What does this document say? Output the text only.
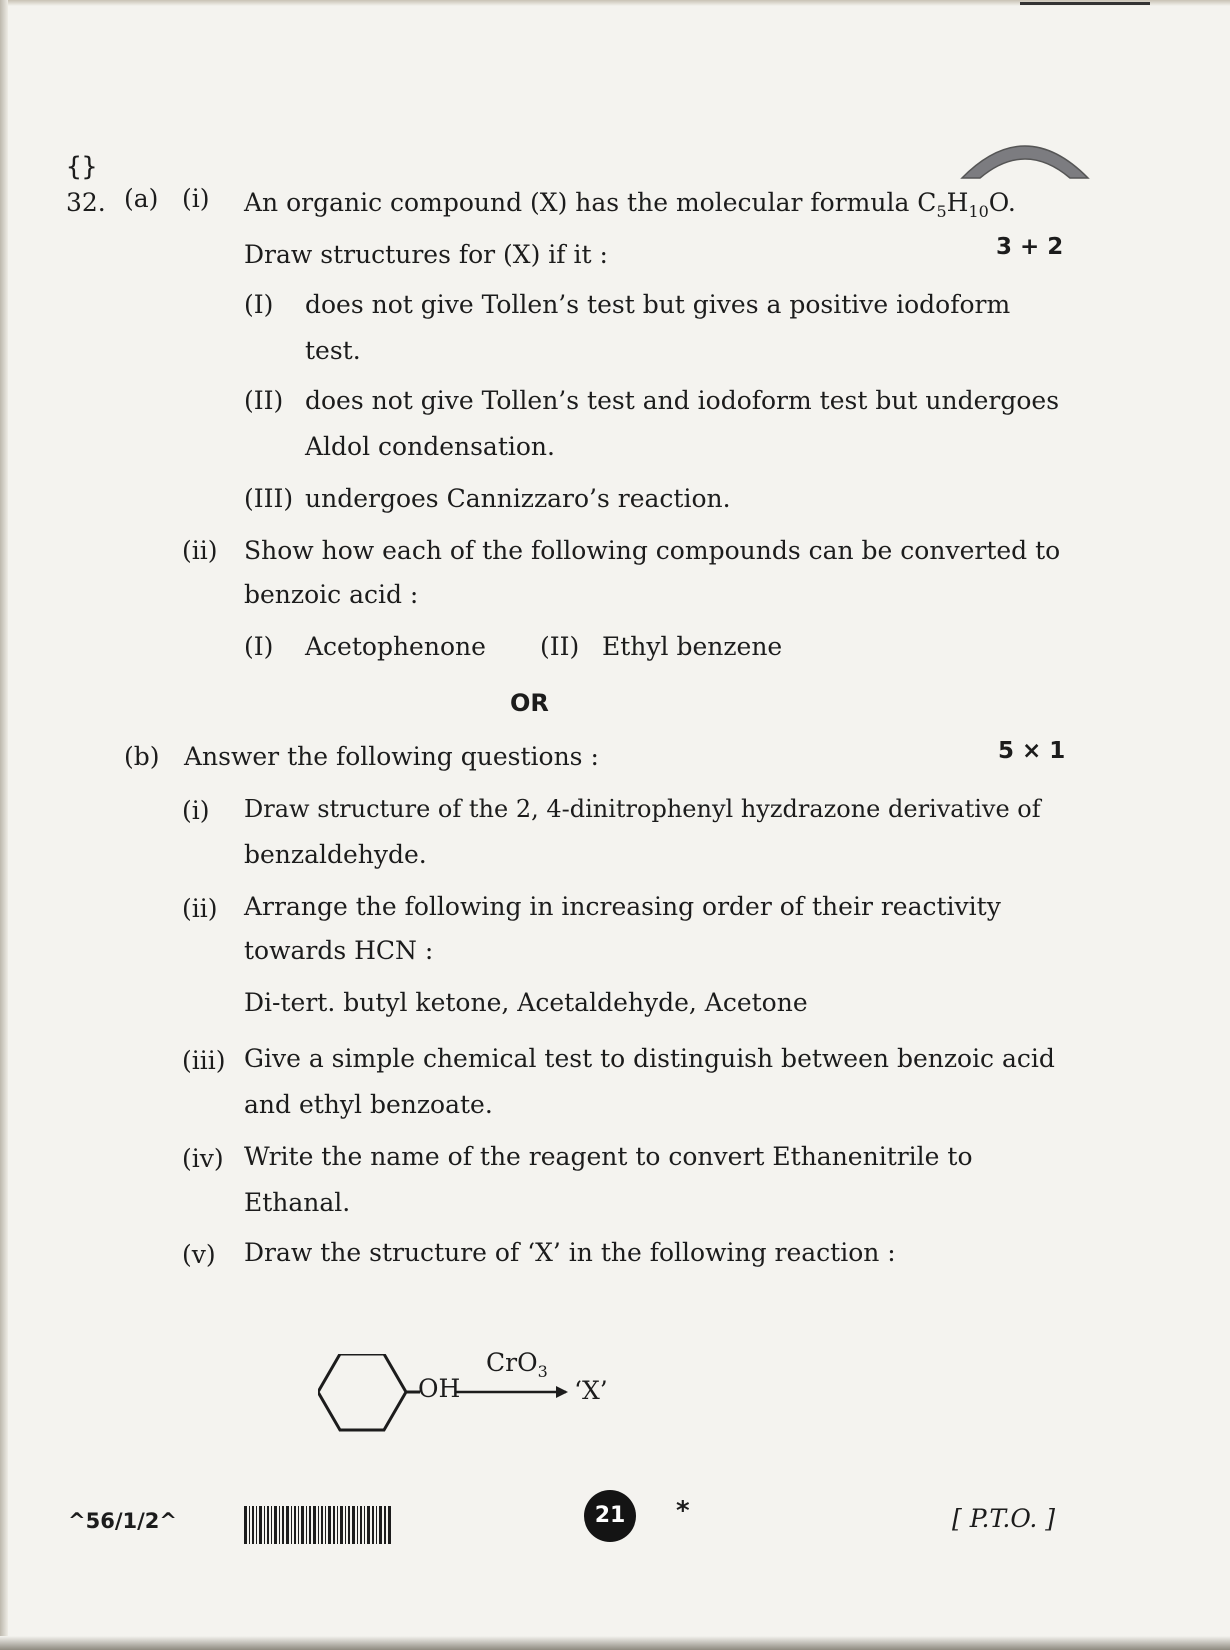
{}
32. (a) (i) An organic compound (X) has the molecular formula $C_5H_{10}O$.
Draw structures for (X) if it :	3 + 2
(I) does not give Tollen’s test but gives a positive iodoform
test.
(II) does not give Tollen’s test and iodoform test but undergoes
Aldol condensation.
(III) undergoes Cannizzaro’s reaction.
(ii) Show how each of the following compounds can be converted to
benzoic acid :
(I) Acetophenone (II) Ethyl benzene
OR
(b) Answer the following questions :	5 × 1
(i) Draw structure of the 2, 4-dinitrophenyl hyzdrazone derivative of
benzaldehyde.
(ii) Arrange the following in increasing order of their reactivity
towards HCN :
Di-tert. butyl ketone, Acetaldehyde, Acetone
(iii) Give a simple chemical test to distinguish between benzoic acid
and ethyl benzoate.
(iv) Write the name of the reagent to convert Ethanenitrile to
Ethanal.
(v) Draw the structure of ‘X’ in the following reaction :
OH
CrO$_3$
‘X’
^56/1/2^	21	*	[ P.T.O. ]
